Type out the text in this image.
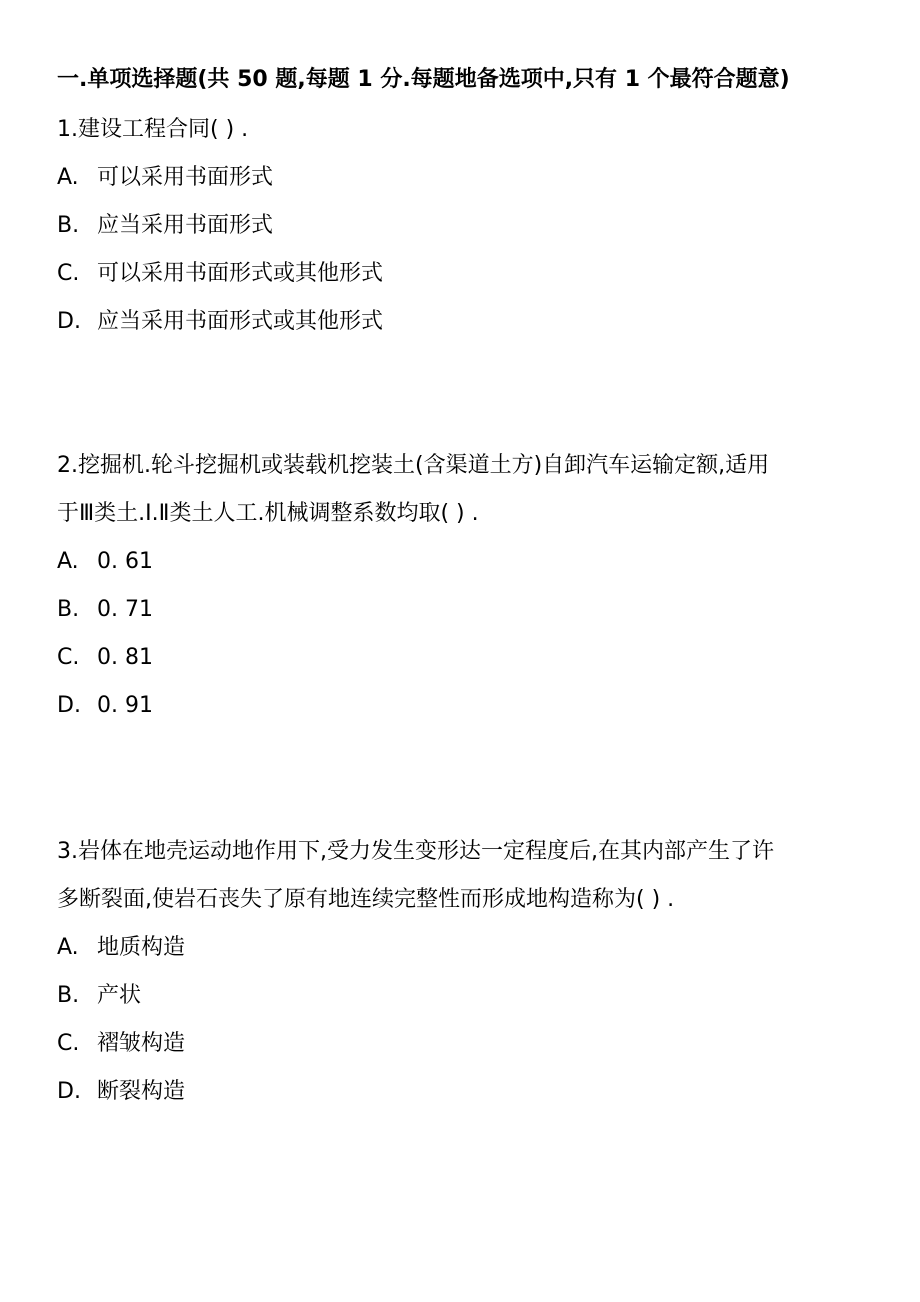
一.单项选择题(共 50 题,每题 1 分.每题地备选项中,只有 1 个最符合题意)
1.建设工程合同( ) .
A. 可以采用书面形式
B. 应当采用书面形式
C. 可以采用书面形式或其他形式
D. 应当采用书面形式或其他形式
2.挖掘机.轮斗挖掘机或装载机挖装土(含渠道土方)自卸汽车运输定额,适用
于Ⅲ类土.Ⅰ.Ⅱ类土人工.机械调整系数均取( ) .
A. 0. 61
B. 0. 71
C. 0. 81
D. 0. 91
3.岩体在地壳运动地作用下,受力发生变形达一定程度后,在其内部产生了许
多断裂面,使岩石丧失了原有地连续完整性而形成地构造称为( ) .
A. 地质构造
B. 产状
C. 褶皱构造
D. 断裂构造
